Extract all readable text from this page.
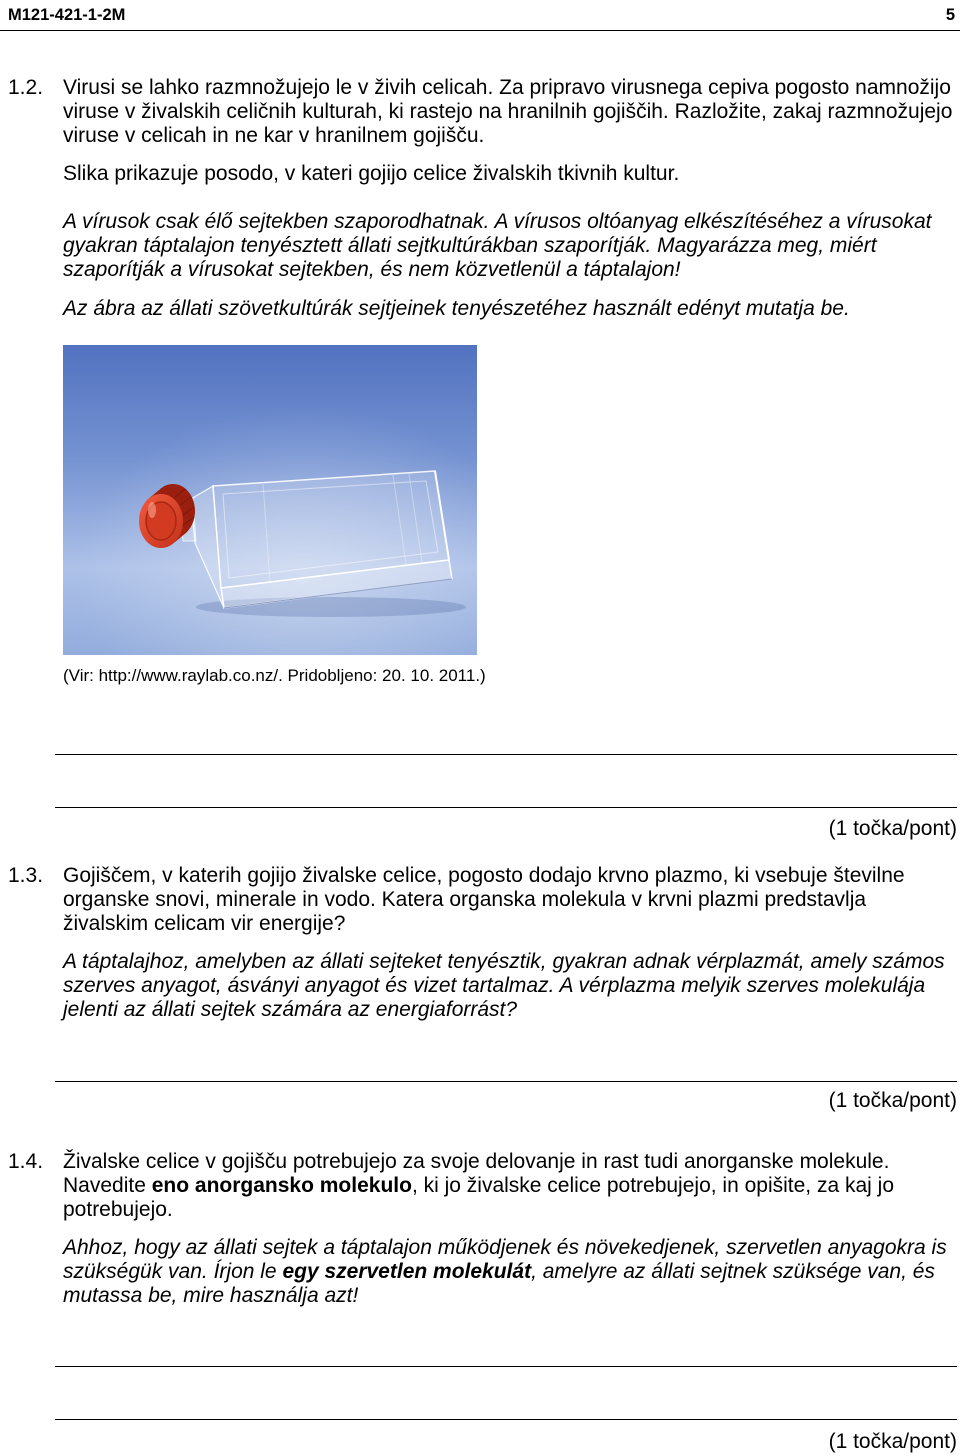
M121-421-1-2M	5
1.2. Virusi se lahko razmnožujejo le v živih celicah. Za pripravo virusnega cepiva pogosto namnožijo
viruse v živalskih celičnih kulturah, ki rastejo na hranilnih gojiščih. Razložite, zakaj razmnožujejo
viruse v celicah in ne kar v hranilnem gojišču.
Slika prikazuje posodo, v kateri gojijo celice živalskih tkivnih kultur.
A vírusok csak élő sejtekben szaporodhatnak. A vírusos oltóanyag elkészítéséhez a vírusokat
gyakran táptalajon tenyésztett állati sejtkultúrákban szaporítják. Magyarázza meg, miért
szaporítják a vírusokat sejtekben, és nem közvetlenül a táptalajon!
Az ábra az állati szövetkultúrák sejtjeinek tenyészetéhez használt edényt mutatja be.
(Vir: http://www.raylab.co.nz/. Pridobljeno: 20. 10. 2011.)
(1 točka/pont)
1.3. Gojiščem, v katerih gojijo živalske celice, pogosto dodajo krvno plazmo, ki vsebuje številne
organske snovi, minerale in vodo. Katera organska molekula v krvni plazmi predstavlja
živalskim celicam vir energije?
A táptalajhoz, amelyben az állati sejteket tenyésztik, gyakran adnak vérplazmát, amely számos
szerves anyagot, ásványi anyagot és vizet tartalmaz. A vérplazma melyik szerves molekulája
jelenti az állati sejtek számára az energiaforrást?
(1 točka/pont)
1.4. Živalske celice v gojišču potrebujejo za svoje delovanje in rast tudi anorganske molekule.
Navedite eno anorgansko molekulo, ki jo živalske celice potrebujejo, in opišite, za kaj jo
potrebujejo.
Ahhoz, hogy az állati sejtek a táptalajon működjenek és növekedjenek, szervetlen anyagokra is
szükségük van. Írjon le egy szervetlen molekulát, amelyre az állati sejtnek szüksége van, és
mutassa be, mire használja azt!
(1 točka/pont)
